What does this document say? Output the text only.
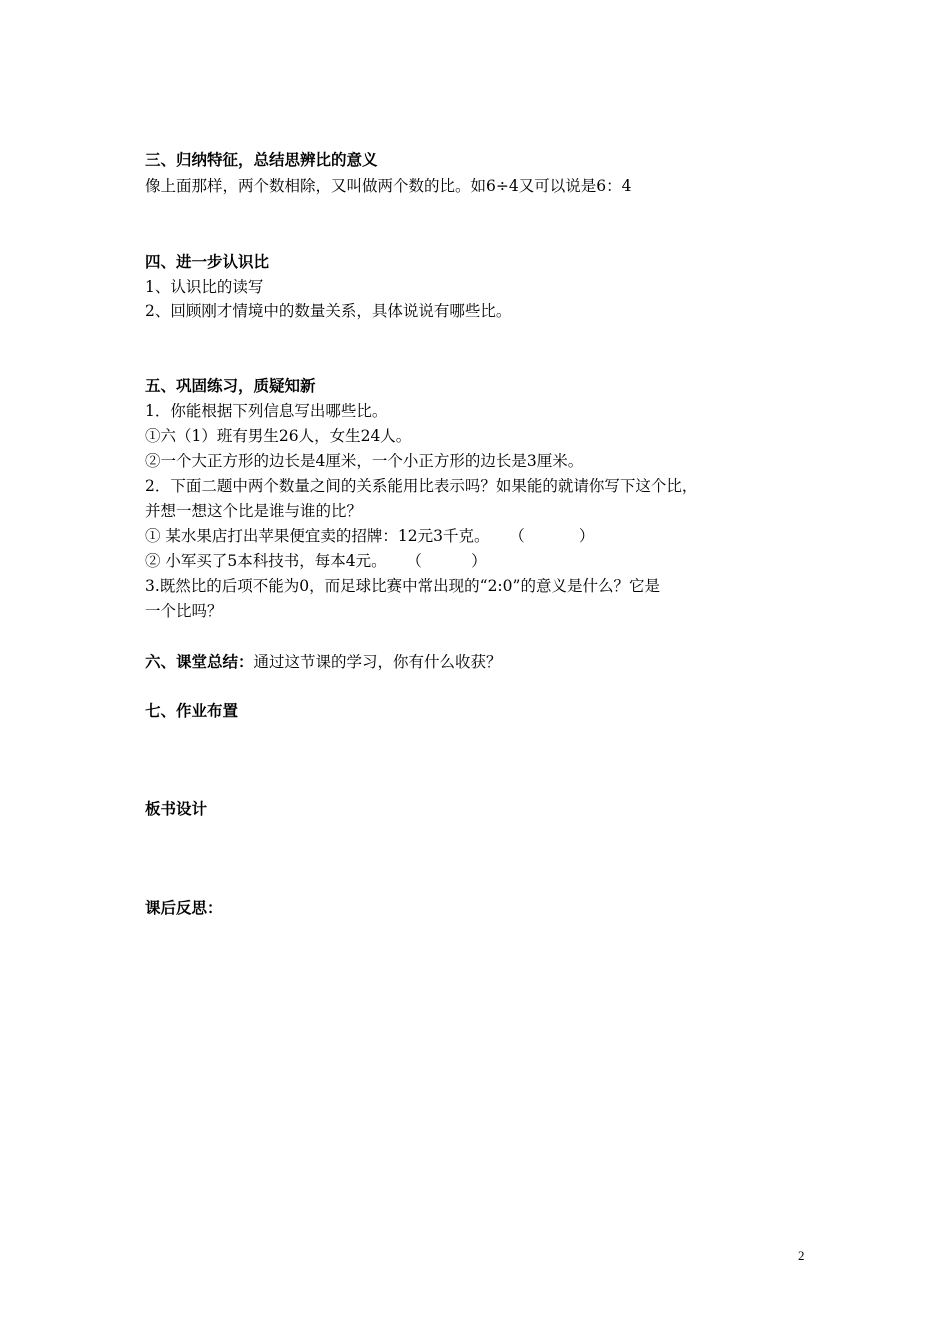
三、归纳特征，总结思辨比的意义
像上面那样，两个数相除，又叫做两个数的比。如6÷4又可以说是6：4
四、进一步认识比
1、认识比的读写
2、回顾刚才情境中的数量关系，具体说说有哪些比。
五、巩固练习，质疑知新
1．你能根据下列信息写出哪些比。
①六（1）班有男生26人，女生24人。
②一个大正方形的边长是4厘米，一个小正方形的边长是3厘米。
2．下面二题中两个数量之间的关系能用比表示吗？如果能的就请你写下这个比，
并想一想这个比是谁与谁的比？
① 某水果店打出苹果便宜卖的招牌：12元3千克。    （           ）
② 小军买了5本科技书，每本4元。    （          ）
3.既然比的后项不能为0，而足球比赛中常出现的“2:0”的意义是什么？它是
一个比吗？
六、课堂总结：通过这节课的学习，你有什么收获？
七、作业布置
板书设计
课后反思：
2
